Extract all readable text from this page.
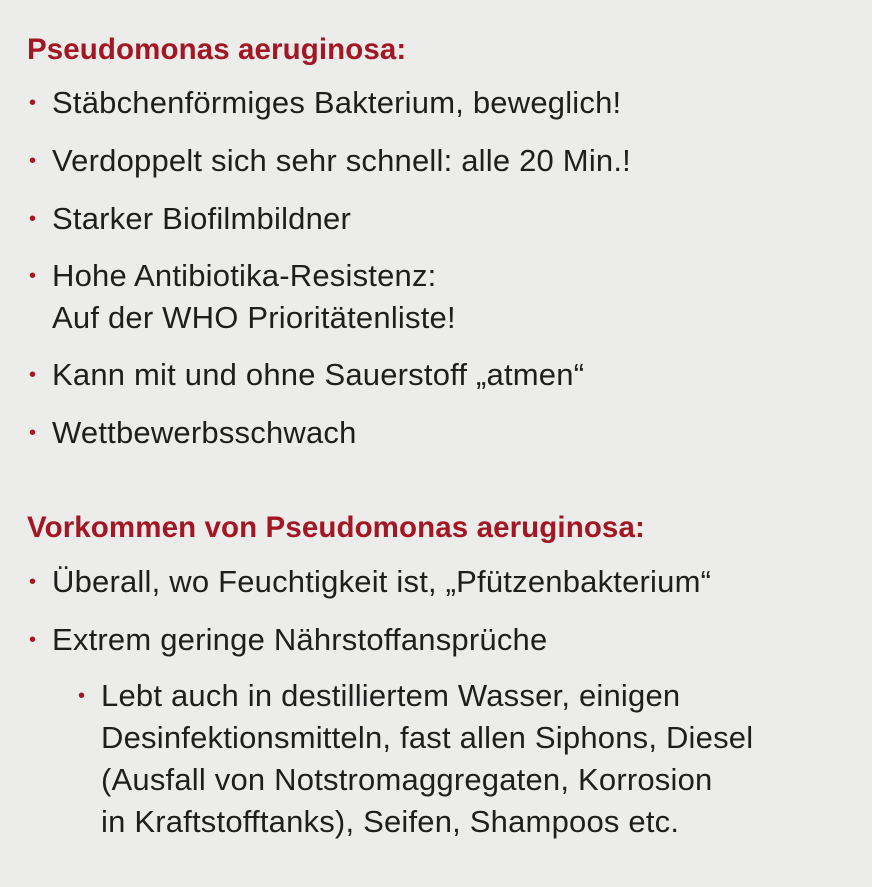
Pseudomonas aeruginosa:
• Stäbchenförmiges Bakterium, beweglich!
• Verdoppelt sich sehr schnell: alle 20 Min.!
• Starker Biofilmbildner
• Hohe Antibiotika-Resistenz:
Auf der WHO Prioritätenliste!
• Kann mit und ohne Sauerstoff „atmen“
• Wettbewerbsschwach
Vorkommen von Pseudomonas aeruginosa:
• Überall, wo Feuchtigkeit ist, „Pfützenbakterium“
• Extrem geringe Nährstoffansprüche
• Lebt auch in destilliertem Wasser, einigen
Desinfektionsmitteln, fast allen Siphons, Diesel
(Ausfall von Notstromaggregaten, Korrosion
in Kraftstofftanks), Seifen, Shampoos etc.
